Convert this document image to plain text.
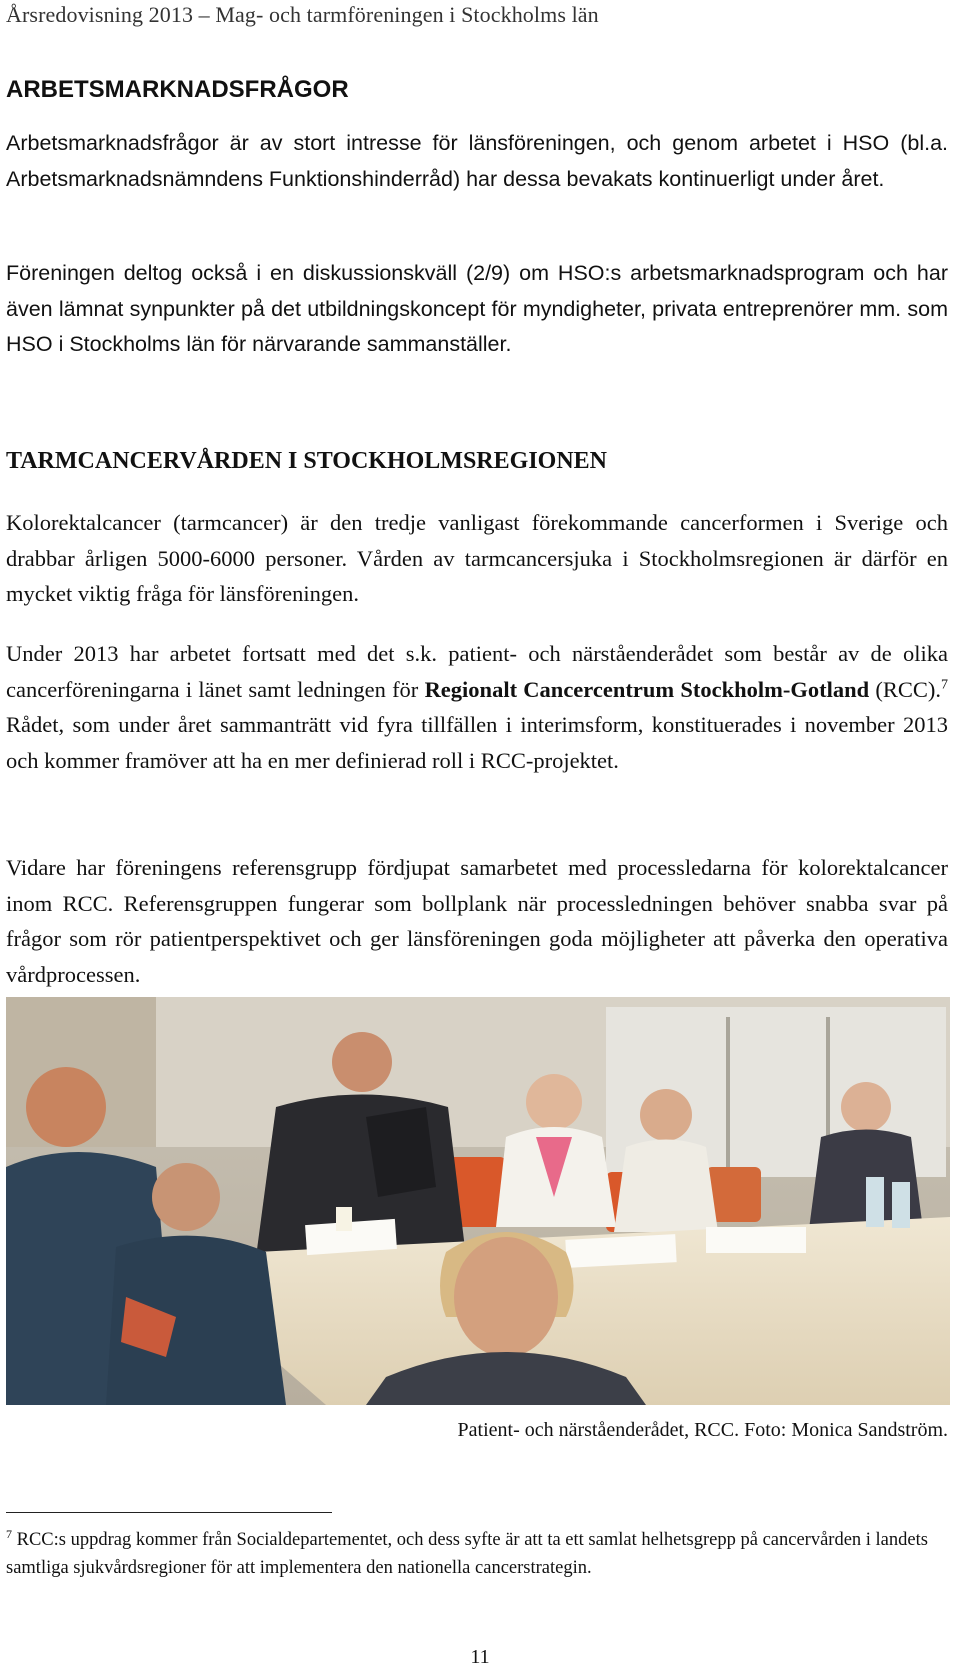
Årsredovisning 2013 – Mag- och tarmföreningen i Stockholms län
ARBETSMARKNADSFRÅGOR

Arbetsmarknadsfrågor är av stort intresse för länsföreningen, och genom arbetet i HSO (bl.a. Arbetsmarknadsnämndens Funktionshinderråd) har dessa bevakats kontinuerligt under året.

Föreningen deltog också i en diskussionskväll (2/9) om HSO:s arbetsmarknadsprogram och har även lämnat synpunkter på det utbildningskoncept för myndigheter, privata entreprenörer mm. som HSO i Stockholms län för närvarande sammanställer.

TARMCANCERVÅRDEN I STOCKHOLMSREGIONEN

Kolorektalcancer (tarmcancer) är den tredje vanligast förekommande cancerformen i Sverige och drabbar årligen 5000-6000 personer. Vården av tarmcancersjuka i Stockholmsregionen är därför en mycket viktig fråga för länsföreningen.

Under 2013 har arbetet fortsatt med det s.k. patient- och närståenderådet som består av de olika cancerföreningarna i länet samt ledningen för Regionalt Cancercentrum Stockholm-Gotland (RCC).$^7$ Rådet, som under året sammanträtt vid fyra tillfällen i interimsform, konstituerades i november 2013 och kommer framöver att ha en mer definierad roll i RCC-projektet.

Vidare har föreningens referensgrupp fördjupat samarbetet med processledarna för kolorektalcancer inom RCC. Referensgruppen fungerar som bollplank när processledningen behöver snabba svar på frågor som rör patientperspektivet och ger länsföreningen goda möjligheter att påverka den operativa vårdprocessen.

Patient- och närståenderådet, RCC. Foto: Monica Sandström.

$^7$ RCC:s uppdrag kommer från Socialdepartementet, och dess syfte är att ta ett samlat helhetsgrepp på cancervården i landets samtliga sjukvårdsregioner för att implementera den nationella cancerstrategin.

11
